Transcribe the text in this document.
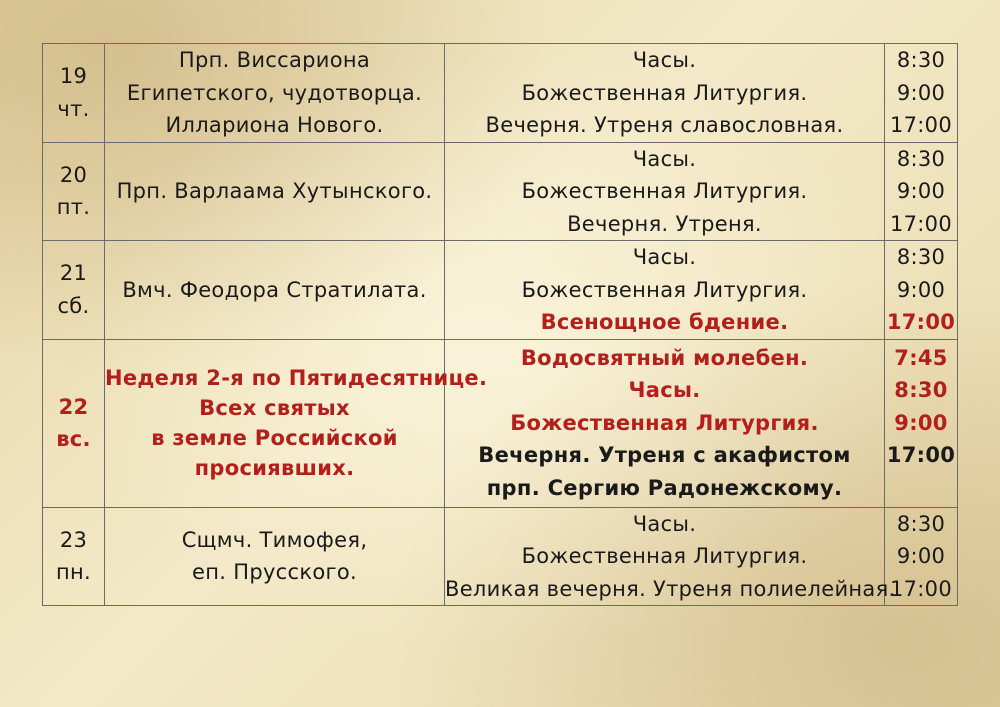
19
чт.	Прп. Виссариона
Египетского, чудотворца.
Иллариона Нового.	Часы.
Божественная Литургия.
Вечерня. Утреня славословная.	8:30
9:00
17:00

20
пт.	Прп. Варлаама Хутынского.	Часы.
Божественная Литургия.
Вечерня. Утреня.	8:30
9:00
17:00

21
сб.	Вмч. Феодора Стратилата.	Часы.
Божественная Литургия.
Всенощное бдение.	8:30
9:00
17:00

22
вс.	Неделя 2-я по Пятидесятнице.
Всех святых
в земле Российской
просиявших.	Водосвятный молебен.
Часы.
Божественная Литургия.
Вечерня. Утреня с акафистом
прп. Сергию Радонежскому.	7:45
8:30
9:00
17:00

23
пн.	Сщмч. Тимофея,
еп. Прусского.	Часы.
Божественная Литургия.
Великая вечерня. Утреня полиелейная.	8:30
9:00
17:00
